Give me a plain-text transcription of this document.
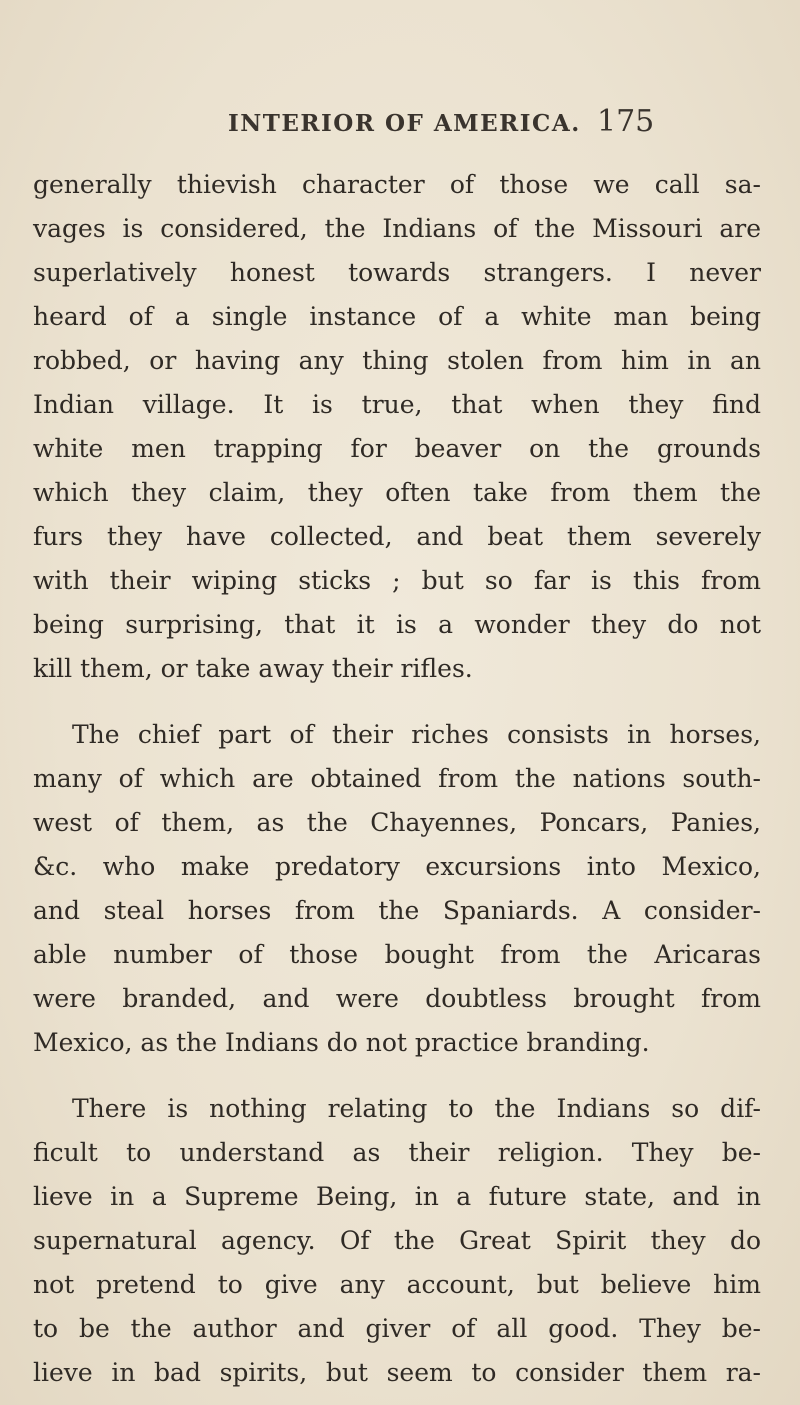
INTERIOR OF AMERICA. 175

generally thievish character of those we call sa-

vages is considered, the Indians of the Missouri are

superlatively honest towards strangers. I never

heard of a single instance of a white man being

robbed, or having any thing stolen from him in an

Indian village. It is true, that when they find

white men trapping for beaver on the grounds

which they claim, they often take from them the

furs they have collected, and beat them severely

with their wiping sticks ; but so far is this from

being surprising, that it is a wonder they do not

kill them, or take away their rifles.

The chief part of their riches consists in horses,

many of which are obtained from the nations south-

west of them, as the Chayennes, Poncars, Panies,

&c. who make predatory excursions into Mexico,

and steal horses from the Spaniards. A consider-

able number of those bought from the Aricaras

were branded, and were doubtless brought from

Mexico, as the Indians do not practice branding.

There is nothing relating to the Indians so dif-

ficult to understand as their religion. They be-

lieve in a Supreme Being, in a future state, and in

supernatural agency. Of the Great Spirit they do

not pretend to give any account, but believe him

to be the author and giver of all good. They be-

lieve in bad spirits, but seem to consider them ra-
